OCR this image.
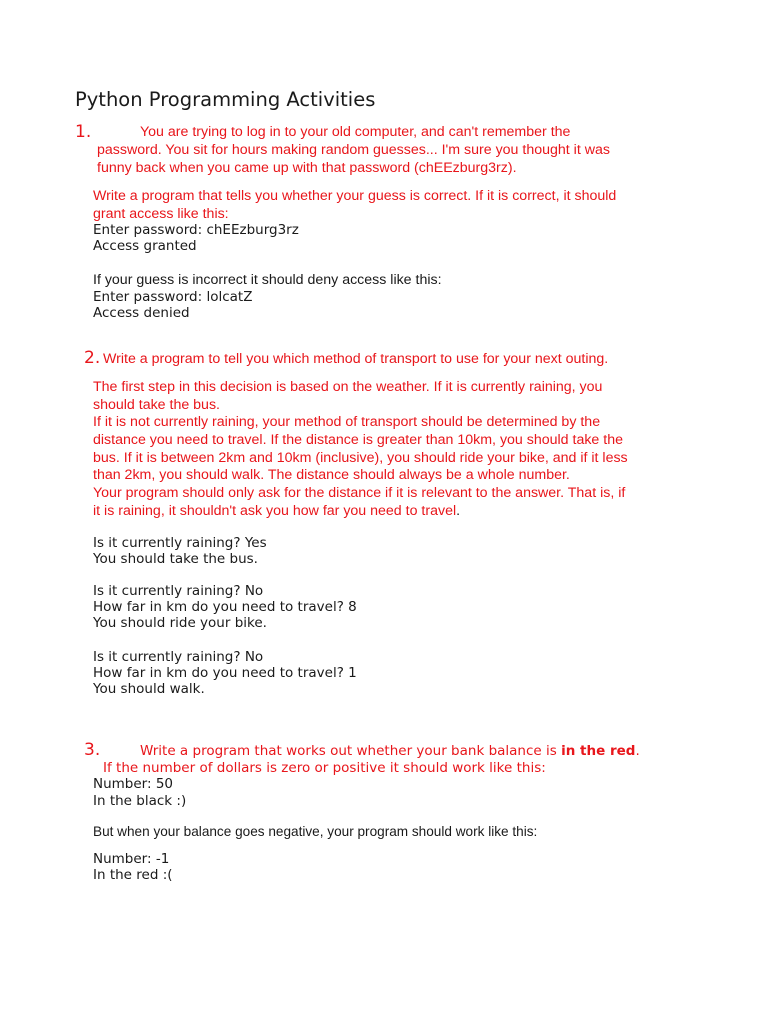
Python Programming Activities
1.	You are trying to log in to your old computer, and can't remember the
password. You sit for hours making random guesses... I'm sure you thought it was
funny back when you came up with that password (chEEzburg3rz).
Write a program that tells you whether your guess is correct. If it is correct, it should
grant access like this:
Enter password: chEEzburg3rz
Access granted
If your guess is incorrect it should deny access like this:
Enter password: lolcatZ
Access denied
2. Write a program to tell you which method of transport to use for your next outing.
The first step in this decision is based on the weather. If it is currently raining, you
should take the bus.
If it is not currently raining, your method of transport should be determined by the
distance you need to travel. If the distance is greater than 10km, you should take the
bus. If it is between 2km and 10km (inclusive), you should ride your bike, and if it less
than 2km, you should walk. The distance should always be a whole number.
Your program should only ask for the distance if it is relevant to the answer. That is, if
it is raining, it shouldn't ask you how far you need to travel.
Is it currently raining? Yes
You should take the bus.
Is it currently raining? No
How far in km do you need to travel? 8
You should ride your bike.
Is it currently raining? No
How far in km do you need to travel? 1
You should walk.
3.	Write a program that works out whether your bank balance is in the red.
If the number of dollars is zero or positive it should work like this:
Number: 50
In the black :)
But when your balance goes negative, your program should work like this:
Number: -1
In the red :(
